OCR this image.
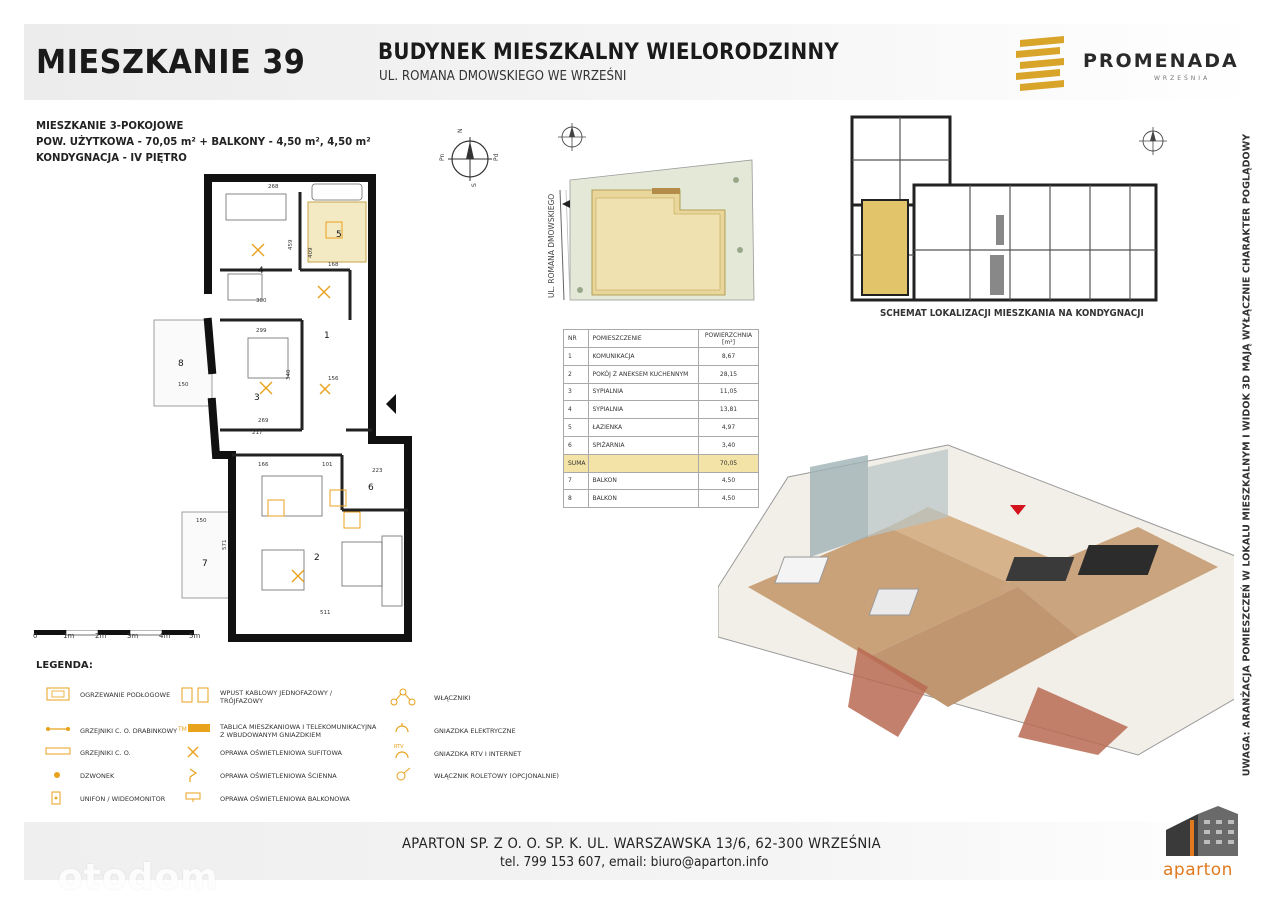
MIESZKANIE 39	BUDYNEK MIESZKALNY WIELORODZINNY
UL. ROMANA DMOWSKIEGO WE WRZEŚNI
PROMENADA
WRZEŚNIA
MIESZKANIE 3-POKOJOWE
POW. UŻYTKOWA - 70,05 m² + BALKONY - 4,50 m², 4,50 m²
KONDYGNACJA - IV PIĘTRO
N
S
Pd
Pn
1
2
3
4
5
6
7
8
268
300
299
217
269
166	101
223
511
150
150
156
459
409
340
571
168
0	1m	2m	3m	4m	5m
UL. ROMANA DMOWSKIEGO
NR	POMIESZCZENIE	POWIERZCHNIA [m²]
1	KOMUNIKACJA	8,67
2	POKÓJ Z ANEKSEM KUCHENNYM	28,15
3	SYPIALNIA	11,05
4	SYPIALNIA	13,81
5	ŁAZIENKA	4,97
6	SPIŻARNIA	3,40
SUMA		70,05
7	BALKON	4,50
8	BALKON	4,50
SCHEMAT LOKALIZACJI MIESZKANIA NA KONDYGNACJI	UWAGA: ARANŻACJA POMIESZCZEŃ W LOKALU MIESZKALNYM I WIDOK 3D MAJĄ WYŁĄCZNIE CHARAKTER POGLĄDOWY
LEGENDA:
OGRZEWANIE PODŁOGOWE
GRZEJNIKI C. O. DRABINKOWY
GRZEJNIKI C. O.
DZWONEK
UNIFON / WIDEOMONITOR
TM
WPUST KABLOWY JEDNOFAZOWY / TRÓJFAZOWY
TABLICA MIESZKANIOWA I TELEKOMUNIKACYJNA Z WBUDOWANYM GNIAZDKIEM
OPRAWA OŚWIETLENIOWA SUFITOWA
OPRAWA OŚWIETLENIOWA ŚCIENNA
OPRAWA OŚWIETLENIOWA BALKONOWA
RTV
WŁĄCZNIKI
GNIAZDKA ELEKTRYCZNE
GNIAZDKA RTV I INTERNET
WŁĄCZNIK ROLETOWY (OPCJONALNIE)
APARTON SP. Z O. O. SP. K. UL. WARSZAWSKA 13/6, 62-300 WRZEŚNIA
tel. 799 153 607, email: biuro@aparton.info	aparton
otodom
